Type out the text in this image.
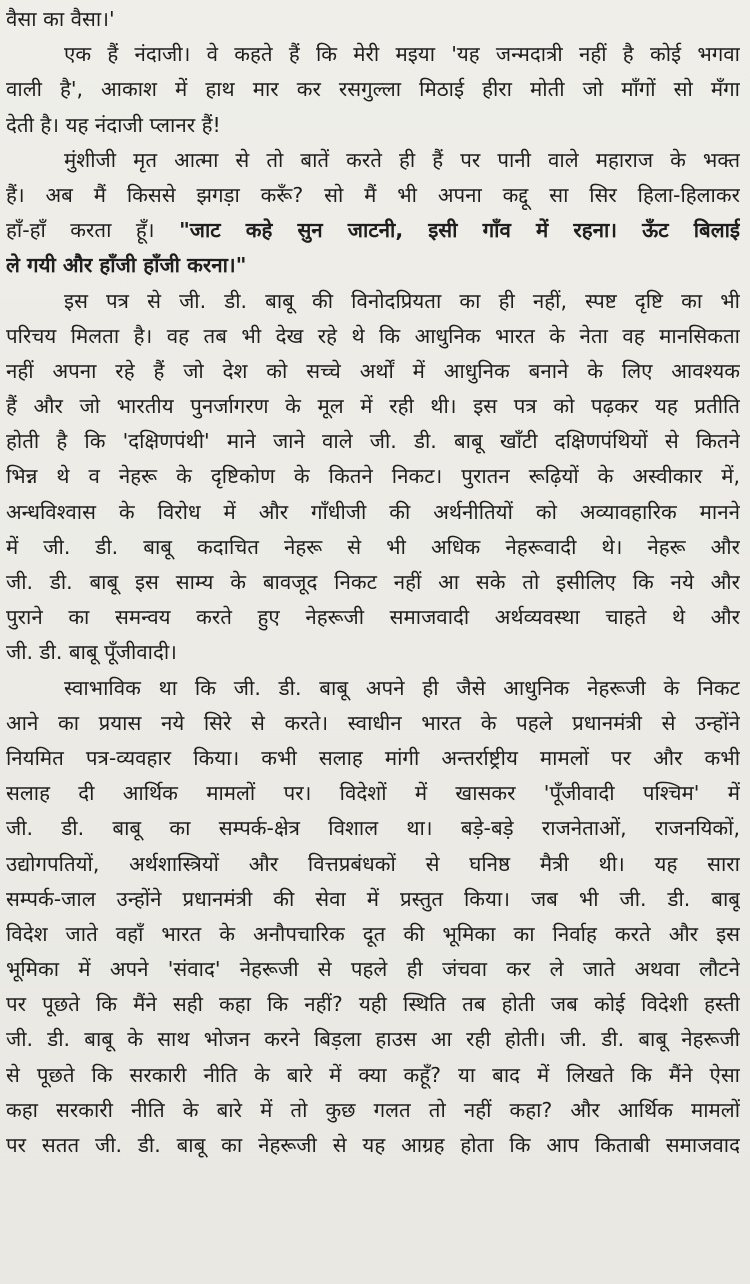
वैसा का वैसा।'
एक हैं नंदाजी। वे कहते हैं कि मेरी मइया 'यह जन्मदात्री नहीं है कोई भगवा
वाली है', आकाश में हाथ मार कर रसगुल्ला मिठाई हीरा मोती जो माँगों सो मँगा
देती है। यह नंदाजी प्लानर हैं!
मुंशीजी मृत आत्मा से तो बातें करते ही हैं पर पानी वाले महाराज के भक्त
हैं। अब मैं किससे झगड़ा करूँ? सो मैं भी अपना कद्दू सा सिर हिला-हिलाकर
हाँ-हाँ करता हूँ। "जाट कहे सुन जाटनी, इसी गाँव में रहना। ऊँट बिलाई
ले गयी और हाँजी हाँजी करना।"
इस पत्र से जी. डी. बाबू की विनोदप्रियता का ही नहीं, स्पष्ट दृष्टि का भी
परिचय मिलता है। वह तब भी देख रहे थे कि आधुनिक भारत के नेता वह मानसिकता
नहीं अपना रहे हैं जो देश को सच्चे अर्थों में आधुनिक बनाने के लिए आवश्यक
हैं और जो भारतीय पुनर्जागरण के मूल में रही थी। इस पत्र को पढ़कर यह प्रतीति
होती है कि 'दक्षिणपंथी' माने जाने वाले जी. डी. बाबू खाँटी दक्षिणपंथियों से कितने
भिन्न थे व नेहरू के दृष्टिकोण के कितने निकट। पुरातन रूढ़ियों के अस्वीकार में,
अन्धविश्वास के विरोध में और गाँधीजी की अर्थनीतियों को अव्यावहारिक मानने
में जी. डी. बाबू कदाचित नेहरू से भी अधिक नेहरूवादी थे। नेहरू और
जी. डी. बाबू इस साम्य के बावजूद निकट नहीं आ सके तो इसीलिए कि नये और
पुराने का समन्वय करते हुए नेहरूजी समाजवादी अर्थव्यवस्था चाहते थे और
जी. डी. बाबू पूँजीवादी।
स्वाभाविक था कि जी. डी. बाबू अपने ही जैसे आधुनिक नेहरूजी के निकट
आने का प्रयास नये सिरे से करते। स्वाधीन भारत के पहले प्रधानमंत्री से उन्होंने
नियमित पत्र-व्यवहार किया। कभी सलाह मांगी अन्तर्राष्ट्रीय मामलों पर और कभी
सलाह दी आर्थिक मामलों पर। विदेशों में खासकर 'पूँजीवादी पश्चिम' में
जी. डी. बाबू का सम्पर्क-क्षेत्र विशाल था। बड़े-बड़े राजनेताओं, राजनयिकों,
उद्योगपतियों, अर्थशास्त्रियों और वित्तप्रबंधकों से घनिष्ठ मैत्री थी। यह सारा
सम्पर्क-जाल उन्होंने प्रधानमंत्री की सेवा में प्रस्तुत किया। जब भी जी. डी. बाबू
विदेश जाते वहाँ भारत के अनौपचारिक दूत की भूमिका का निर्वाह करते और इस
भूमिका में अपने 'संवाद' नेहरूजी से पहले ही जंचवा कर ले जाते अथवा लौटने
पर पूछते कि मैंने सही कहा कि नहीं? यही स्थिति तब होती जब कोई विदेशी हस्ती
जी. डी. बाबू के साथ भोजन करने बिड़ला हाउस आ रही होती। जी. डी. बाबू नेहरूजी
से पूछते कि सरकारी नीति के बारे में क्या कहूँ? या बाद में लिखते कि मैंने ऐसा
कहा सरकारी नीति के बारे में तो कुछ गलत तो नहीं कहा? और आर्थिक मामलों
पर सतत जी. डी. बाबू का नेहरूजी से यह आग्रह होता कि आप किताबी समाजवाद
